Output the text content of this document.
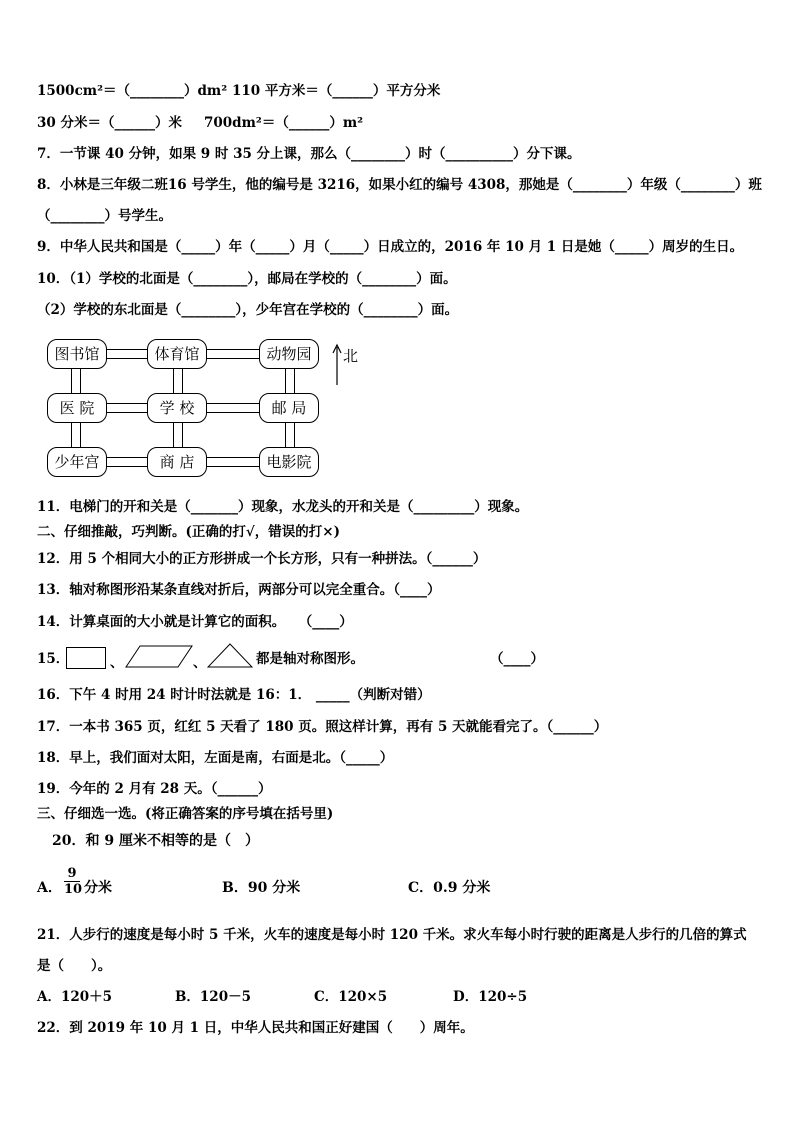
1500cm²＝（________）dm² 110 平方米＝（______）平方分米
30 分米＝（______）米 700dm²＝（______）m²
7．一节课 40 分钟，如果 9 时 35 分上课，那么（________）时（__________）分下课。
8．小林是三年级二班16 号学生，他的编号是 3216，如果小红的编号 4308，那她是（________）年级（________）班
（________）号学生。
9．中华人民共和国是（_____）年（_____）月（_____）日成立的，2016 年 10 月 1 日是她（_____）周岁的生日。
10．（1）学校的北面是（________），邮局在学校的（________）面。
（2）学校的东北面是（________），少年宫在学校的（________）面。
图书馆	体育馆	动物园
医 院	学 校	邮 局
少年宫	商 店	电影院
北
11．电梯门的开和关是（_______）现象，水龙头的开和关是（_________）现象。
二、仔细推敲，巧判断。(正确的打√，错误的打×)
12．用 5 个相同大小的正方形拼成一个长方形，只有一种拼法。（______）
13．轴对称图形沿某条直线对折后，两部分可以完全重合。（____）
14．计算桌面的大小就是计算它的面积。　　（____）
15．	、	、	都是轴对称图形。	（____）
16．下午 4 时用 24 时计时法就是 16：1． _____（判断对错）
17．一本书 365 页，红红 5 天看了 180 页。照这样计算，再有 5 天就能看完了。（______）
18．早上，我们面对太阳，左面是南，右面是北。（_____）
19．今年的 2 月有 28 天。（______）
三、仔细选一选。(将正确答案的序号填在括号里)
20．和 9 厘米不相等的是（　）
A． $\frac{9}{10}$ 分米	B．90 分米	C．0.9 分米
21．人步行的速度是每小时 5 千米，火车的速度是每小时 120 千米。求火车每小时行驶的距离是人步行的几倍的算式
是（　　）。
A．120＋5	B．120－5	C．120×5	D．120÷5
22．到 2019 年 10 月 1 日，中华人民共和国正好建国（　　）周年。
